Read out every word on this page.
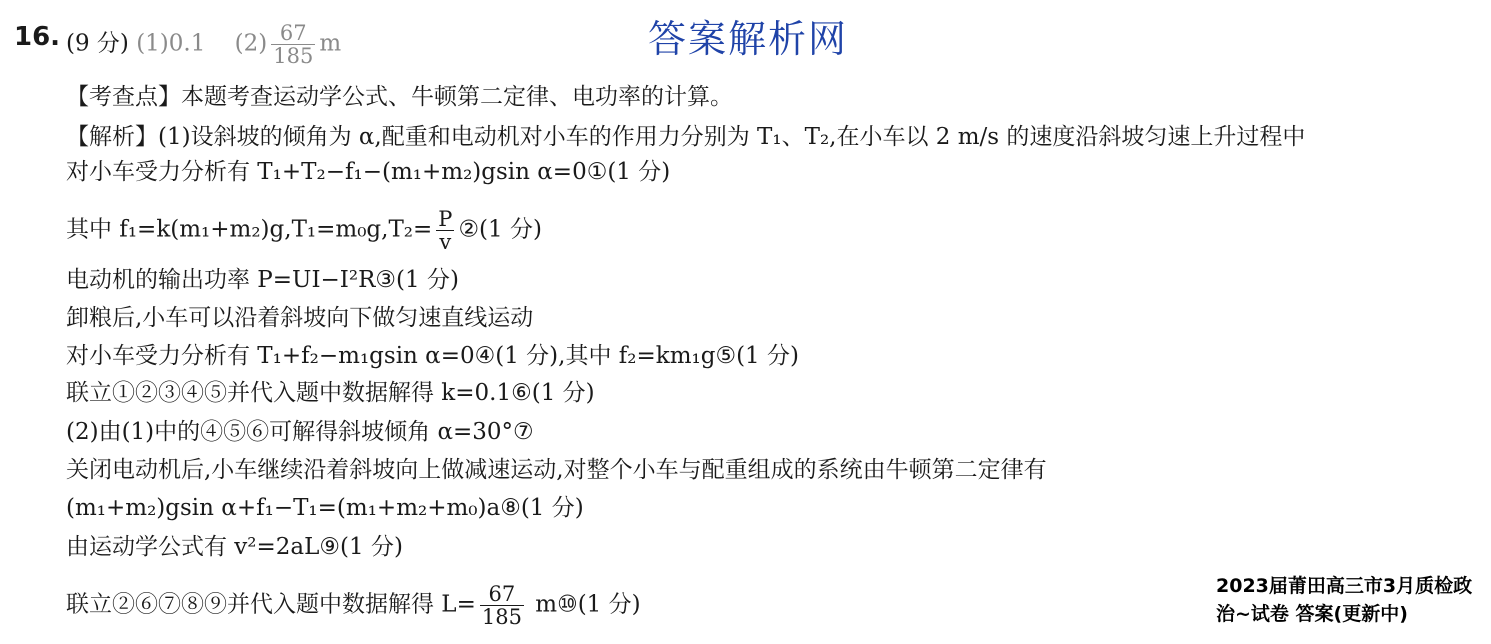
答案解析网
16. (9 分) (1)0.1 $(2) \frac{67}{185}$ m
【考查点】本题考查运动学公式、牛顿第二定律、电功率的计算。
【解析】(1)设斜坡的倾角为 α,配重和电动机对小车的作用力分别为 T₁、T₂,在小车以 2 m/s 的速度沿斜坡匀速上升过程中
对小车受力分析有 T₁+T₂−f₁−(m₁+m₂)gsin α=0①(1 分)
其中 $f_1=k(m_1+m_2)g,T_1=m_0g,T_2= \frac{P}{v}$ ②(1 分)
电动机的输出功率 P=UI−I²R③(1 分)
卸粮后,小车可以沿着斜坡向下做匀速直线运动
对小车受力分析有 T₁+f₂−m₁gsin α=0④(1 分),其中 f₂=km₁g⑤(1 分)
联立①②③④⑤并代入题中数据解得 k=0.1⑥(1 分)
(2)由(1)中的④⑤⑥可解得斜坡倾角 α=30°⑦
关闭电动机后,小车继续沿着斜坡向上做减速运动,对整个小车与配重组成的系统由牛顿第二定律有
(m₁+m₂)gsin α+f₁−T₁=(m₁+m₂+m₀)a⑧(1 分)
由运动学公式有 v²=2aL⑨(1 分)
联立②⑥⑦⑧⑨并代入题中数据解得 $L= \frac{67}{185}$ m⑩(1 分)
2023届莆田高三市3月质检政
治~试卷 答案(更新中)
